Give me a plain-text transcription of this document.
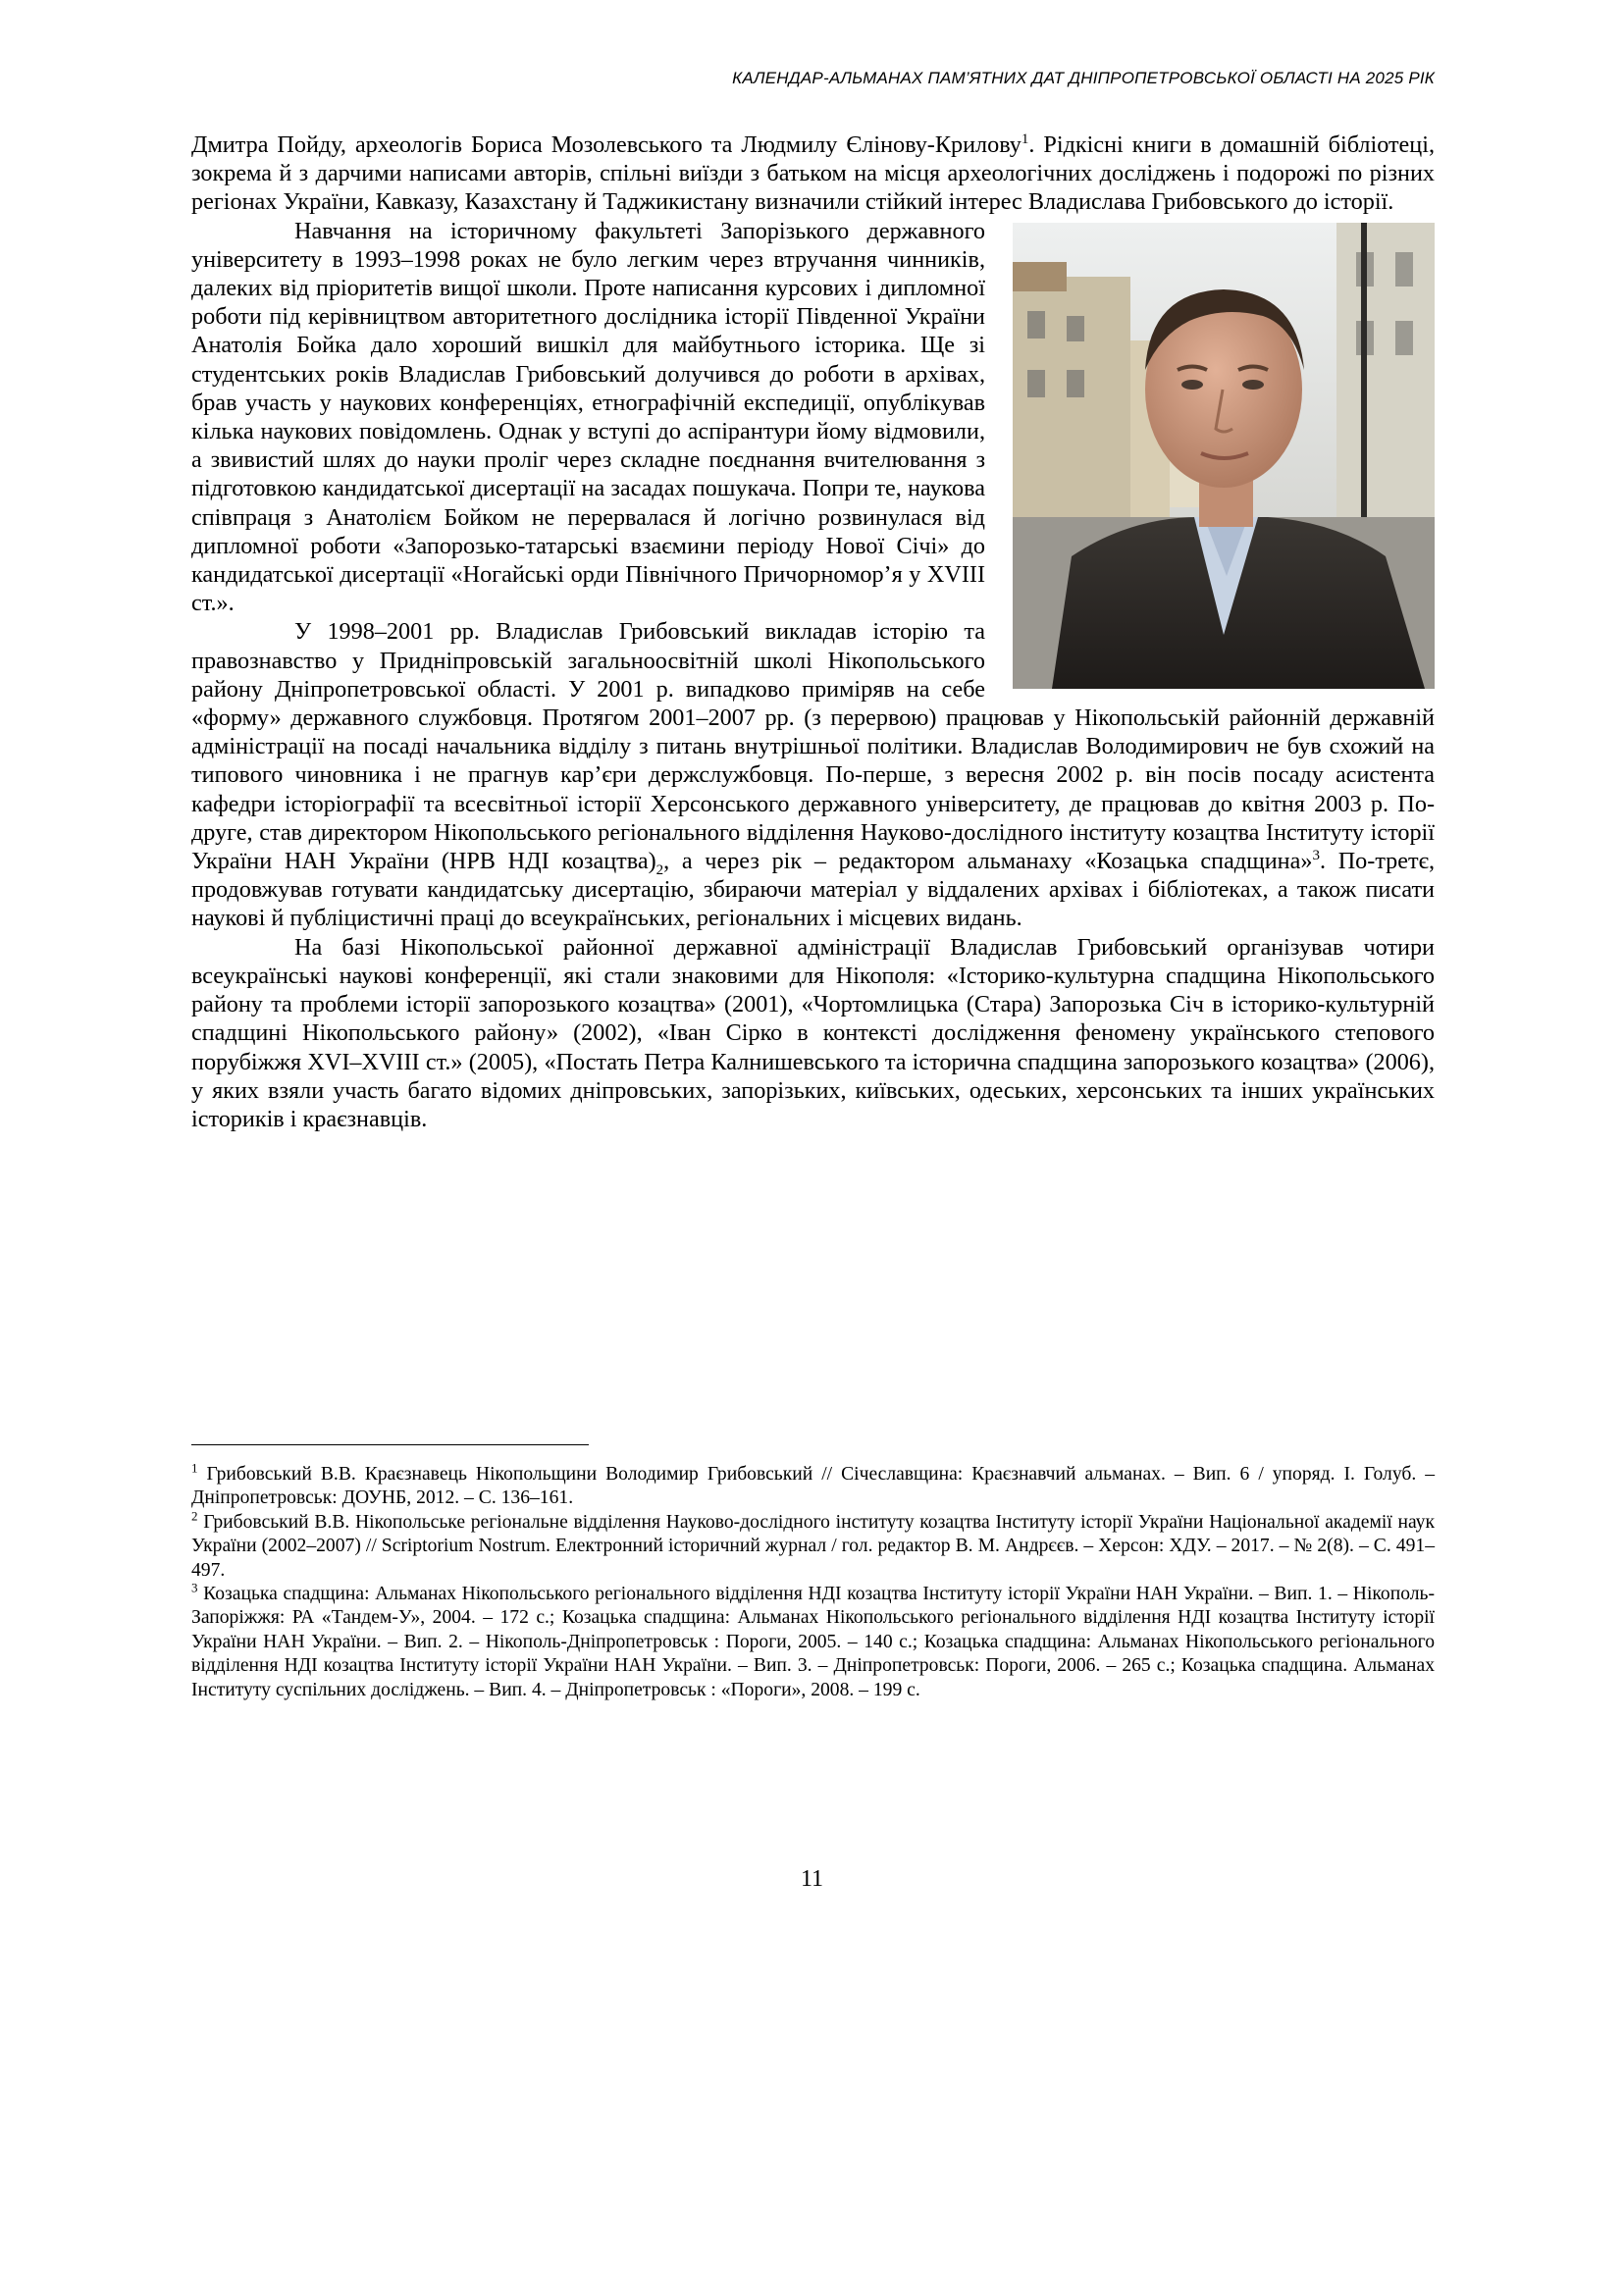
КАЛЕНДАР-АЛЬМАНАХ ПАМ’ЯТНИХ ДАТ ДНІПРОПЕТРОВСЬКОЇ ОБЛАСТІ НА 2025 РІК

Дмитра Пойду, археологів Бориса Мозолевського та Людмилу Єлінову-Крилову$^1$. Рідкісні книги в домашній бібліотеці, зокрема й з дарчими написами авторів, спільні виїзди з батьком на місця археологічних досліджень і подорожі по різних регіонах України, Кавказу, Казахстану й Таджикистану визначили стійкий інтерес Владислава Грибовського до історії.

Навчання на історичному факультеті Запорізького державного університету в 1993–1998 роках не було легким через втручання чинників, далеких від пріоритетів вищої школи. Проте написання курсових і дипломної роботи під керівництвом авторитетного дослідника історії Південної України Анатолія Бойка дало хороший вишкіл для майбутнього історика. Ще зі студентських років Владислав Грибовський долучився до роботи в архівах, брав участь у наукових конференціях, етнографічній експедиції, опублікував кілька наукових повідомлень. Однак у вступі до аспірантури йому відмовили, а звивистий шлях до науки проліг через складне поєднання вчителювання з підготовкою кандидатської дисертації на засадах пошукача. Попри те, наукова співпраця з Анатолієм Бойком не перервалася й логічно розвинулася від дипломної роботи «Запорозько-татарські взаємини періоду Нової Січі» до кандидатської дисертації «Ногайські орди Північного Причорномор’я у XVIII ст.».

У 1998–2001 рр. Владислав Грибовський викладав історію та правознавство у Придніпровській загальноосвітній школі Нікопольського району Дніпропетровської області. У 2001 р. випадково приміряв на себе «форму» державного службовця. Протягом 2001–2007 рр. (з перервою) працював у Нікопольській районній державній адміністрації на посаді начальника відділу з питань внутрішньої політики. Владислав Володимирович не був схожий на типового чиновника і не прагнув кар’єри держслужбовця. По-перше, з вересня 2002 р. він посів посаду асистента кафедри історіографії та всесвітньої історії Херсонського державного університету, де працював до квітня 2003 р. По-друге, став директором Нікопольського регіонального відділення Науково-дослідного інституту козацтва Інституту історії України НАН України (НРВ НДІ $козацтва)_2$, а через рік – редактором альманаху «Козацька спадщина»$^3$. По-третє, продовжував готувати кандидатську дисертацію, збираючи матеріал у віддалених архівах і бібліотеках, а також писати наукові й публіцистичні праці до всеукраїнських, регіональних і місцевих видань.

На базі Нікопольської районної державної адміністрації Владислав Грибовський організував чотири всеукраїнські наукові конференції, які стали знаковими для Нікополя: «Історико-культурна спадщина Нікопольського району та проблеми історії запорозького козацтва» (2001), «Чортомлицька (Стара) Запорозька Січ в історико-культурній спадщині Нікопольського району» (2002), «Іван Сірко в контексті дослідження феномену українського степового порубіжжя XVI–XVIII ст.» (2005), «Постать Петра Калнишевського та історична спадщина запорозького козацтва» (2006), у яких взяли участь багато відомих дніпровських, запорізьких, київських, одеських, херсонських та інших українських істориків і краєзнавців.

$^1$ Грибовський В.В. Краєзнавець Нікопольщини Володимир Грибовський // Січеславщина: Краєзнавчий альманах. – Вип. 6 / упоряд. І. Голуб. – Дніпропетровськ: ДОУНБ, 2012. – С. 136–161.

$^2$ Грибовський В.В. Нікопольське регіональне відділення Науково-дослідного інституту козацтва Інституту історії України Національної академії наук України (2002–2007) // Scriptorium Nostrum. Електронний історичний журнал / гол. редактор В. М. Андрєєв. – Херсон: ХДУ. – 2017. – № 2(8). – С. 491–497.

$^3$ Козацька спадщина: Альманах Нікопольського регіонального відділення НДІ козацтва Інституту історії України НАН України. – Вип. 1. – Нікополь-Запоріжжя: РА «Тандем-У», 2004. – 172 с.; Козацька спадщина: Альманах Нікопольського регіонального відділення НДІ козацтва Інституту історії України НАН України. – Вип. 2. – Нікополь-Дніпропетровськ : Пороги, 2005. – 140 с.; Козацька спадщина: Альманах Нікопольського регіонального відділення НДІ козацтва Інституту історії України НАН України. – Вип. 3. – Дніпропетровськ: Пороги, 2006. – 265 с.; Козацька спадщина. Альманах Інституту суспільних досліджень. – Вип. 4. – Дніпропетровськ : «Пороги», 2008. – 199 с.

11
